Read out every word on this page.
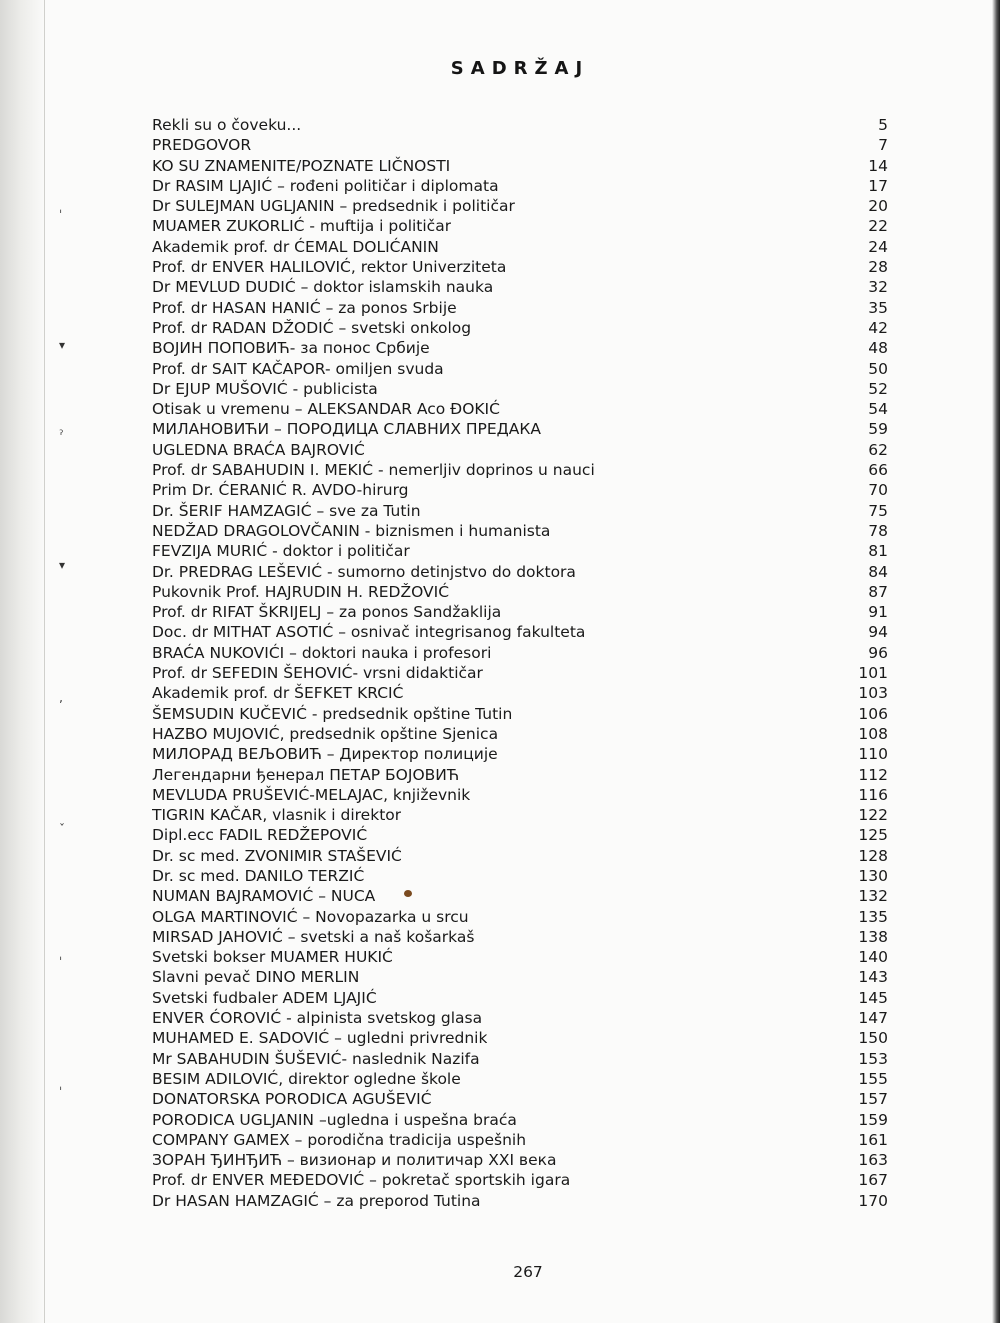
ˈ
▾
ˀ
▾
ʼ
ˇ
ˈ
ˈ
SADRŽAJ
Rekli su o čoveku...	5
PREDGOVOR	7
KO SU ZNAMENITE/POZNATE LIČNOSTI	14
Dr RASIM LJAJIĆ – rođeni političar i diplomata	17
Dr SULEJMAN UGLJANIN – predsednik i političar	20
MUAMER ZUKORLIĆ - muftija i političar	22
Akademik prof. dr ĆEMAL DOLIĆANIN	24
Prof. dr ENVER HALILOVIĆ, rektor Univerziteta	28
Dr MEVLUD DUDIĆ – doktor islamskih nauka	32
Prof. dr HASAN HANIĆ – za ponos Srbije	35
Prof. dr RADAN DŽODIĆ – svetski onkolog	42
ВОЈИН ПОПОВИЋ- за понос Србије	48
Prof. dr SAIT KAČAPOR- omiljen svuda	50
Dr EJUP MUŠOVIĆ - publicista	52
Otisak u vremenu – ALEKSANDAR Aco ĐOKIĆ	54
МИЛАНОВИЋИ – ПОРОДИЦА СЛАВНИХ ПРЕДАКА	59
UGLEDNA BRAĆA BAJROVIĆ	62
Prof. dr SABAHUDIN I. MEKIĆ - nemerljiv doprinos u nauci	66
Prim Dr. ĆERANIĆ R. AVDO-hirurg	70
Dr. ŠERIF HAMZAGIĆ – sve za Tutin	75
NEDŽAD DRAGOLOVČANIN - biznismen i humanista	78
FEVZIJA MURIĆ - doktor i političar	81
Dr. PREDRAG LEŠEVIĆ - sumorno detinjstvo do doktora	84
Pukovnik Prof. HAJRUDIN H. REDŽOVIĆ	87
Prof. dr RIFAT ŠKRIJELJ – za ponos Sandžaklija	91
Doc. dr MITHAT ASOTIĆ – osnivač integrisanog fakulteta	94
BRAĆA NUKOVIĆI – doktori nauka i profesori	96
Prof. dr SEFEDIN ŠEHOVIĆ- vrsni didaktičar	101
Akademik prof. dr ŠEFKET KRCIĆ	103
ŠEMSUDIN KUČEVIĆ - predsednik opštine Tutin	106
HAZBO MUJOVIĆ, predsednik opštine Sjenica	108
МИЛОРАД ВЕЉОВИЋ – Директор полиције	110
Легендарни ђенерал ПЕТАР БОЈОВИЋ	112
MEVLUDA PRUŠEVIĆ-MELAJAC, književnik	116
TIGRIN KAČAR, vlasnik i direktor	122
Dipl.ecc FADIL REDŽEPOVIĆ	125
Dr. sc med. ZVONIMIR STAŠEVIĆ	128
Dr. sc med. DANILO TERZIĆ	130
NUMAN BAJRAMOVIĆ – NUCA	132
OLGA MARTINOVIĆ – Novopazarka u srcu	135
MIRSAD JAHOVIĆ – svetski a naš košarkaš	138
Svetski bokser MUAMER HUKIĆ	140
Slavni pevač DINO MERLIN	143
Svetski fudbaler ADEM LJAJIĆ	145
ENVER ĆOROVIĆ - alpinista svetskog glasa	147
MUHAMED E. SADOVIĆ – ugledni privrednik	150
Mr SABAHUDIN ŠUŠEVIĆ- naslednik Nazifa	153
BESIM ADILOVIĆ, direktor ogledne škole	155
DONATORSKA PORODICA AGUŠEVIĆ	157
PORODICA UGLJANIN –ugledna i uspešna braća	159
COMPANY GAMEX – porodična tradicija uspešnih	161
ЗОРАН ЂИНЂИЋ – визионар и политичар XXI века	163
Prof. dr ENVER MEĐEDOVIĆ – pokretač sportskih igara	167
Dr HASAN HAMZAGIĆ – za preporod Tutina	170
267
